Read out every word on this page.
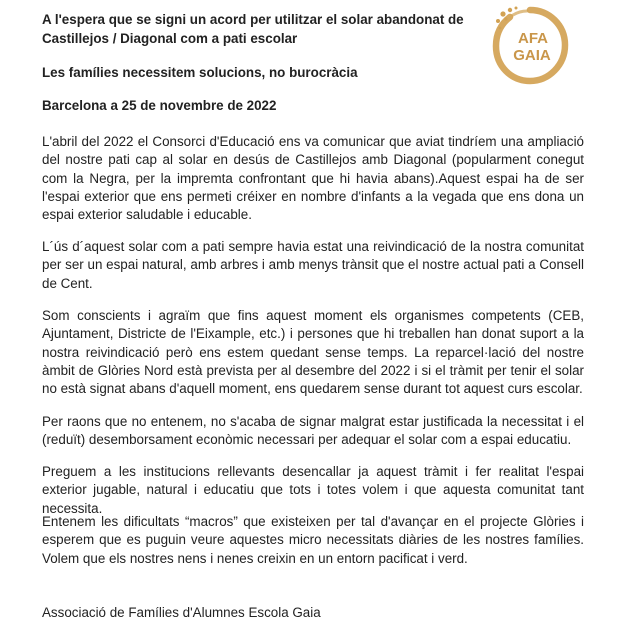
A l'espera que se signi un acord per utilitzar el solar abandonat de Castillejos / Diagonal com a pati escolar

Les famílies necessitem solucions, no burocràcia

Barcelona a 25 de novembre de 2022

AFA
GAIA

L'abril del 2022 el Consorci d'Educació ens va comunicar que aviat tindríem una ampliació del nostre pati cap al solar en desús de Castillejos amb Diagonal (popularment conegut com la Negra, per la impremta confrontant que hi havia abans).Aquest espai ha de ser l'espai exterior que ens permeti créixer en nombre d'infants a la vegada que ens dona un espai exterior saludable i educable.

L´ús d´aquest solar com a pati sempre havia estat una reivindicació de la nostra comunitat per ser un espai natural, amb arbres i amb menys trànsit que el nostre actual pati a Consell de Cent.

Som conscients i agraïm que fins aquest moment els organismes competents (CEB, Ajuntament, Districte de l'Eixample, etc.) i persones que hi treballen han donat suport a la nostra reivindicació però ens estem quedant sense temps. La reparcel·lació del nostre àmbit de Glòries Nord està prevista per al desembre del 2022 i si el tràmit per tenir el solar no està signat abans d'aquell moment, ens quedarem sense durant tot aquest curs escolar.

Per raons que no entenem, no s'acaba de signar malgrat estar justificada la necessitat i el (reduït) desemborsament econòmic necessari per adequar el solar com a espai educatiu.

Preguem a les institucions rellevants desencallar ja aquest tràmit i fer realitat l'espai exterior jugable, natural i educatiu que tots i totes volem i que aquesta comunitat tant necessita.

Entenem les dificultats “macros” que existeixen per tal d'avançar en el projecte Glòries i esperem que es puguin veure aquestes micro necessitats diàries de les nostres famílies. Volem que els nostres nens i nenes creixin en un entorn pacificat i verd.

Associació de Famílies d'Alumnes Escola Gaia
